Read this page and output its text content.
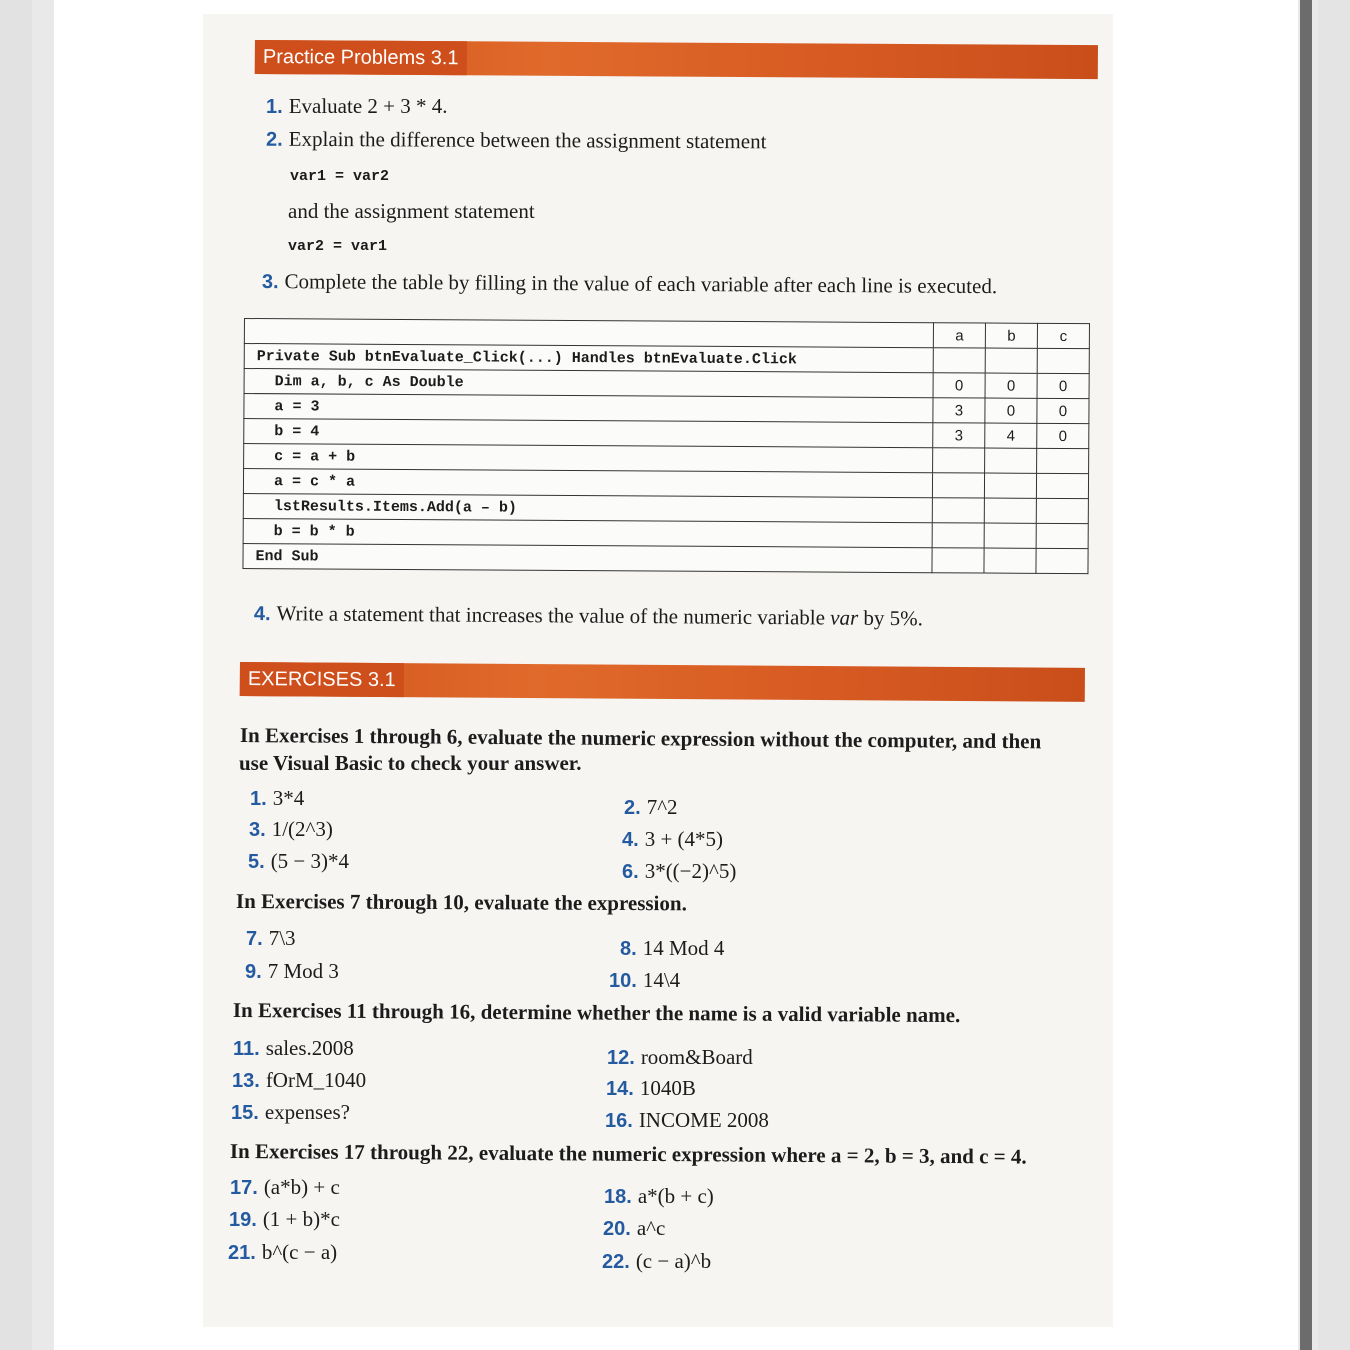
Practice Problems 3.1
1. Evaluate 2 + 3 * 4.
2. Explain the difference between the assignment statement
var1 = var2
and the assignment statement
var2 = var1
3. Complete the table by filling in the value of each variable after each line is executed.
	a	b	c
Private Sub btnEvaluate_Click(...) Handles btnEvaluate.Click			
Dim a, b, c As Double	0	0	0
a = 3	3	0	0
b = 4	3	4	0
c = a + b			
a = c * a			
lstResults.Items.Add(a – b)			
b = b * b			
End Sub			
4. Write a statement that increases the value of the numeric variable var by 5%.
EXERCISES 3.1
In Exercises 1 through 6, evaluate the numeric expression without the computer, and then
use Visual Basic to check your answer.
1. 3*4	2. 7^2
3. 1/(2^3)	4. 3 + (4*5)
5. (5 − 3)*4	6. 3*((−2)^5)
In Exercises 7 through 10, evaluate the expression.
7. 7\3	8. 14 Mod 4
9. 7 Mod 3	10. 14\4
In Exercises 11 through 16, determine whether the name is a valid variable name.
11. sales.2008	12. room&Board
13. fOrM_1040	14. 1040B
15. expenses?	16. INCOME 2008
In Exercises 17 through 22, evaluate the numeric expression where a = 2, b = 3, and c = 4.
17. (a*b) + c	18. a*(b + c)
19. (1 + b)*c	20. a^c
21. b^(c − a)	22. (c − a)^b
